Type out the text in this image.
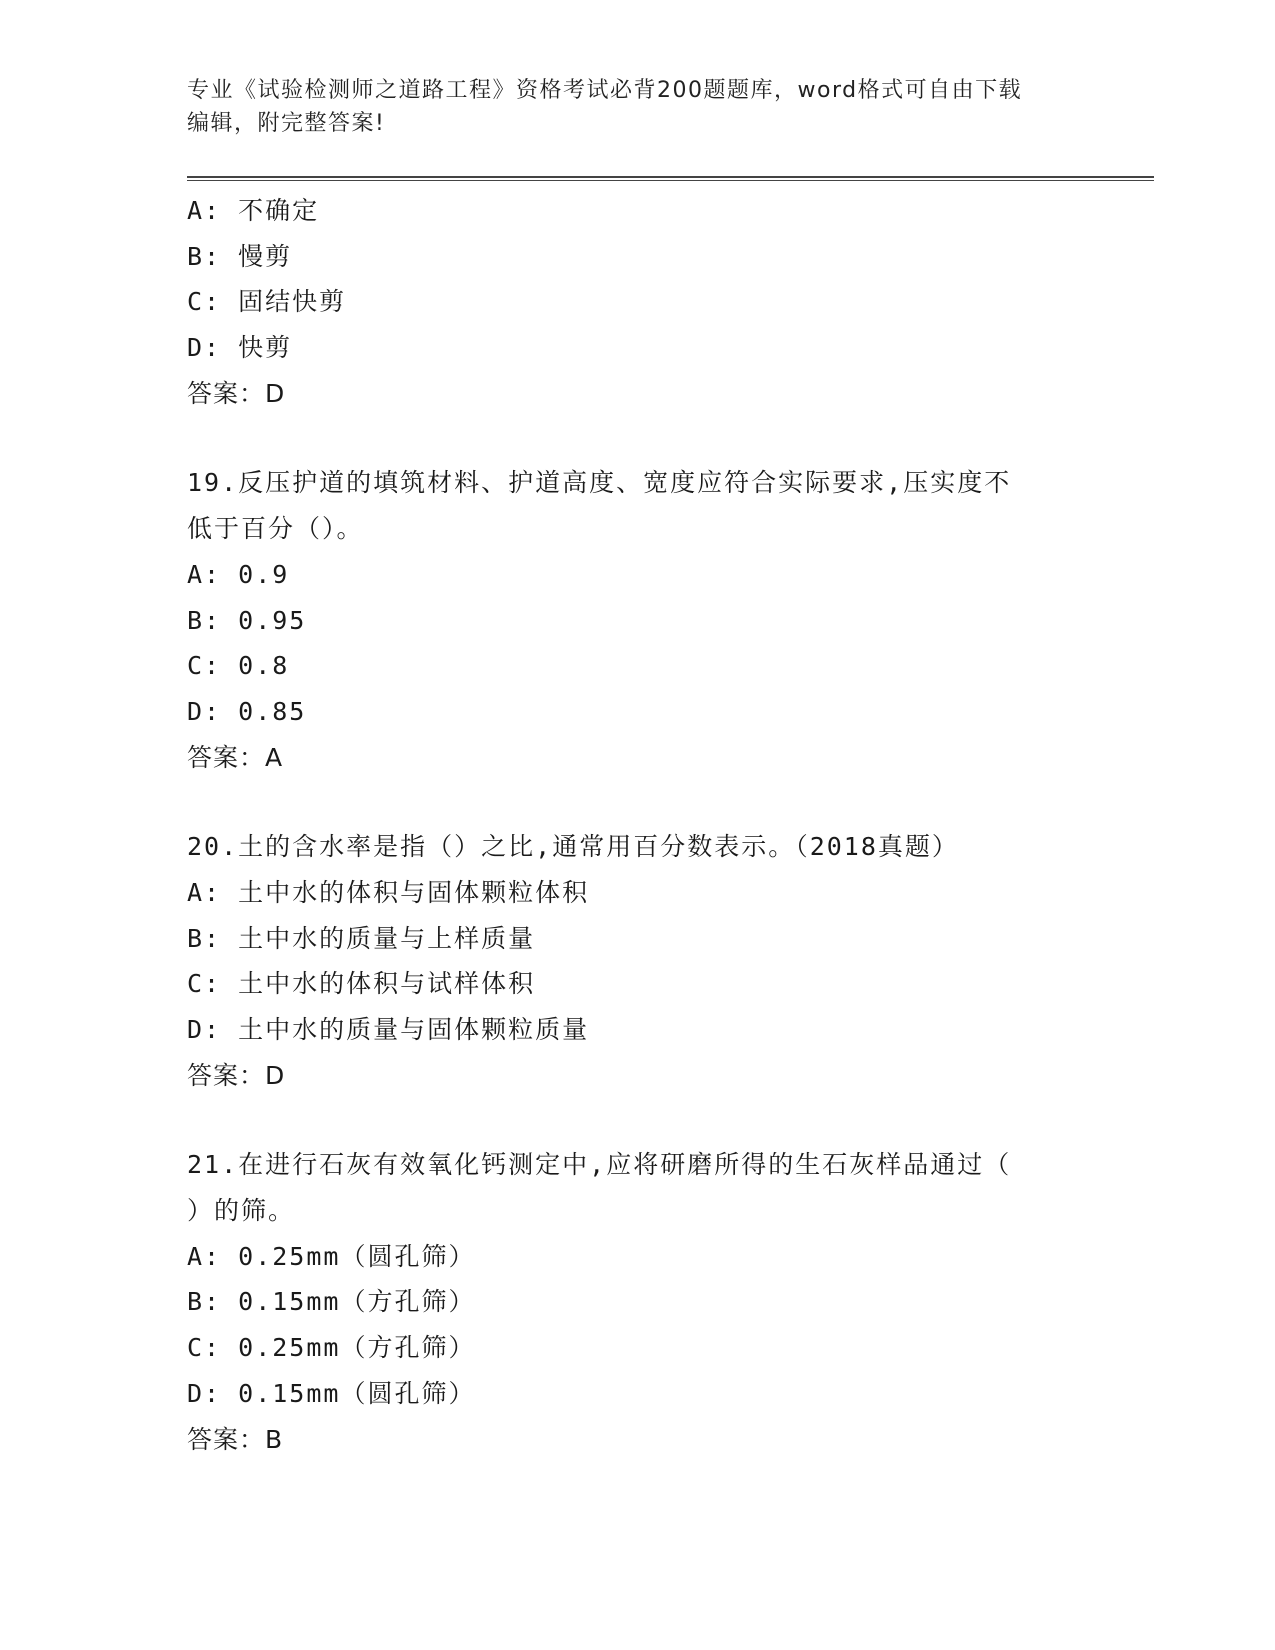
专业《试验检测师之道路工程》资格考试必背200题题库，word格式可自由下载
编辑，附完整答案!
A: 不确定
B: 慢剪
C: 固结快剪
D: 快剪
答案：D
19.反压护道的填筑材料、护道高度、宽度应符合实际要求,压实度不
低于百分（）。
A: 0.9
B: 0.95
C: 0.8
D: 0.85
答案：A
20.土的含水率是指（）之比,通常用百分数表示。（2018真题）
A: 土中水的体积与固体颗粒体积
B: 土中水的质量与上样质量
C: 土中水的体积与试样体积
D: 土中水的质量与固体颗粒质量
答案：D
21.在进行石灰有效氧化钙测定中,应将研磨所得的生石灰样品通过（
）的筛。
A: 0.25mm（圆孔筛）
B: 0.15mm（方孔筛）
C: 0.25mm（方孔筛）
D: 0.15mm（圆孔筛）
答案：B
